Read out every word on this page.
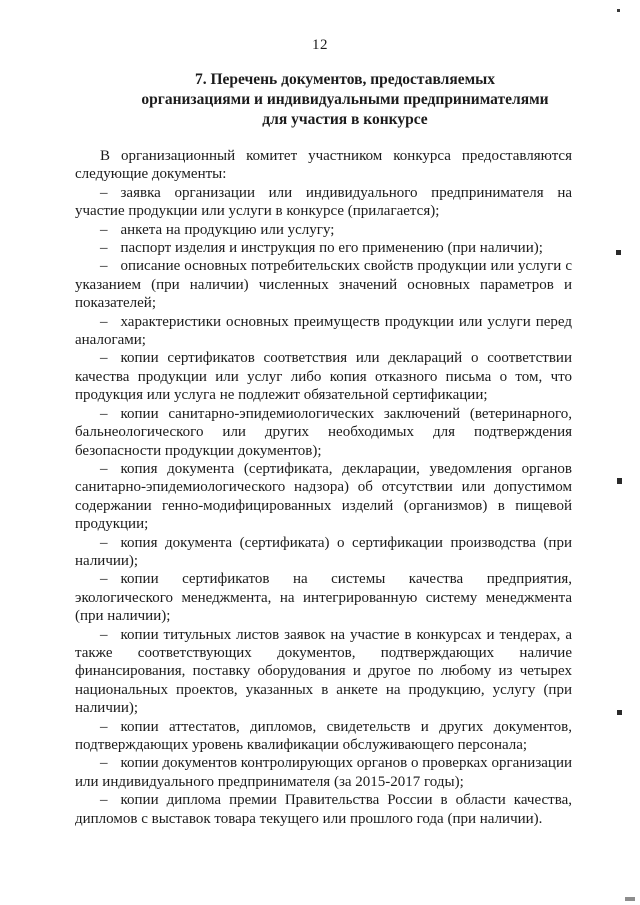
12
7. Перечень документов, предоставляемых
организациями и индивидуальными предпринимателями
для участия в конкурсе

В организационный комитет участником конкурса предоставляются следующие документы:

– заявка организации или индивидуального предпринимателя на участие продукции или услуги в конкурсе (прилагается);

– анкета на продукцию или услугу;

– паспорт изделия и инструкция по его применению (при наличии);

– описание основных потребительских свойств продукции или услуги с указанием (при наличии) численных значений основных параметров и показателей;

– характеристики основных преимуществ продукции или услуги перед аналогами;

– копии сертификатов соответствия или деклараций о соответствии качества продукции или услуг либо копия отказного письма о том, что продукция или услуга не подлежит обязательной сертификации;

– копии санитарно-эпидемиологических заключений (ветеринарного, бальнеологического или других необходимых для подтверждения безопасности продукции документов);

– копия документа (сертификата, декларации, уведомления органов санитарно-эпидемиологического надзора) об отсутствии или допустимом содержании генно-модифицированных изделий (организмов) в пищевой продукции;

– копия документа (сертификата) о сертификации производства (при наличии);

– копии сертификатов на системы качества предприятия, экологического менеджмента, на интегрированную систему менеджмента (при наличии);

– копии титульных листов заявок на участие в конкурсах и тендерах, а также соответствующих документов, подтверждающих наличие финансирования, поставку оборудования и другое по любому из четырех национальных проектов, указанных в анкете на продукцию, услугу (при наличии);

– копии аттестатов, дипломов, свидетельств и других документов, подтверждающих уровень квалификации обслуживающего персонала;

– копии документов контролирующих органов о проверках организации или индивидуального предпринимателя (за 2015-2017 годы);

– копии диплома премии Правительства России в области качества, дипломов с выставок товара текущего или прошлого года (при наличии).
